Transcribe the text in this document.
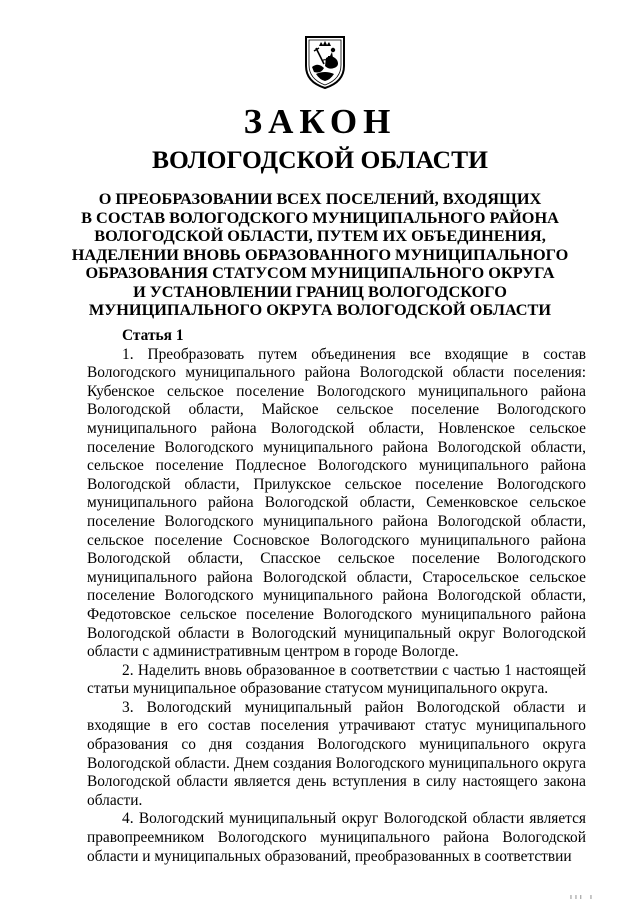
ЗАКОН
ВОЛОГОДСКОЙ ОБЛАСТИ
О ПРЕОБРАЗОВАНИИ ВСЕХ ПОСЕЛЕНИЙ, ВХОДЯЩИХ
В СОСТАВ ВОЛОГОДСКОГО МУНИЦИПАЛЬНОГО РАЙОНА
ВОЛОГОДСКОЙ ОБЛАСТИ, ПУТЕМ ИХ ОБЪЕДИНЕНИЯ,
НАДЕЛЕНИИ ВНОВЬ ОБРАЗОВАННОГО МУНИЦИПАЛЬНОГО
ОБРАЗОВАНИЯ СТАТУСОМ МУНИЦИПАЛЬНОГО ОКРУГА
И УСТАНОВЛЕНИИ ГРАНИЦ ВОЛОГОДСКОГО
МУНИЦИПАЛЬНОГО ОКРУГА ВОЛОГОДСКОЙ ОБЛАСТИ

Статья 1

1. Преобразовать путем объединения все входящие в состав Вологодского муниципального района Вологодской области поселения: Кубенское сельское поселение Вологодского муниципального района Вологодской области, Майское сельское поселение Вологодского муниципального района Вологодской области, Новленское сельское поселение Вологодского муниципального района Вологодской области, сельское поселение Подлесное Вологодского муниципального района Вологодской области, Прилукское сельское поселение Вологодского муниципального района Вологодской области, Семенковское сельское поселение Вологодского муниципального района Вологодской области, сельское поселение Сосновское Вологодского муниципального района Вологодской области, Спасское сельское поселение Вологодского муниципального района Вологодской области, Старосельское сельское поселение Вологодского муниципального района Вологодской области, Федотовское сельское поселение Вологодского муниципального района Вологодской области в Вологодский муниципальный округ Вологодской области с административным центром в городе Вологде.

2. Наделить вновь образованное в соответствии с частью 1 настоящей статьи муниципальное образование статусом муниципального округа.

3. Вологодский муниципальный район Вологодской области и входящие в его состав поселения утрачивают статус муниципального образования со дня создания Вологодского муниципального округа Вологодской области. Днем создания Вологодского муниципального округа Вологодской области является день вступления в силу настоящего закона области.

4. Вологодский муниципальный округ Вологодской области является правопреемником Вологодского муниципального района Вологодской области и муниципальных образований, преобразованных в соответствии

ııı ı
